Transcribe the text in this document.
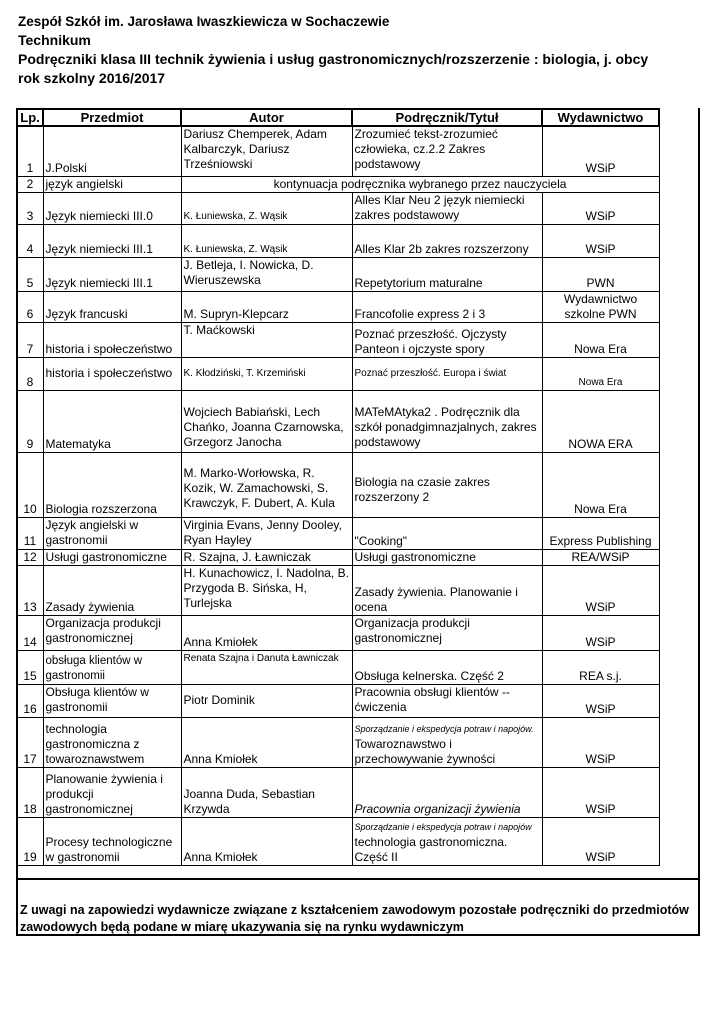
Zespół Szkół im. Jarosława Iwaszkiewicza w Sochaczewie
Technikum
Podręczniki klasa III technik żywienia i usług gastronomicznych/rozszerzenie : biologia, j. obcy
rok szkolny 2016/2017
Lp.	Przedmiot	Autor	Podręcznik/Tytuł	Wydawnictwo
1	J.Polski	Dariusz Chemperek, Adam Kalbarczyk, Dariusz Trześniowski	Zrozumieć tekst-zrozumieć człowieka, cz.2.2 Zakres podstawowy	WSiP
2	język angielski	kontynuacja podręcznika wybranego przez nauczyciela		
3	Język niemiecki III.0	K. Łuniewska, Z. Wąsik	Alles Klar Neu 2 język niemiecki zakres podstawowy	WSiP
4	Język niemiecki III.1	K. Łuniewska, Z. Wąsik	Alles Klar 2b zakres rozszerzony	WSiP
5	Język niemiecki III.1	J. Betleja, I. Nowicka, D. Wieruszewska	Repetytorium maturalne	PWN
6	Język francuski	M. Supryn-Klepcarz	Francofolie express 2 i 3	Wydawnictwo szkolne PWN
7	historia i społeczeństwo	T. Maćkowski	Poznać przeszłość. Ojczysty Panteon i ojczyste spory	Nowa Era
8	historia i społeczeństwo	K. Kłodziński, T. Krzemiński	Poznać przeszłość. Europa i świat	Nowa Era
9	Matematyka	Wojciech Babiański, Lech Chańko, Joanna Czarnowska, Grzegorz Janocha	MATeMAtyka2 . Podręcznik dla szkół ponadgimnazjalnych, zakres podstawowy	NOWA ERA
10	Biologia rozszerzona	M. Marko-Worłowska, R. Kozik, W. Zamachowski, S. Krawczyk, F. Dubert, A. Kula	Biologia na czasie zakres rozszerzony 2	Nowa Era
11	Język angielski w gastronomii	Virginia Evans, Jenny Dooley, Ryan Hayley	"Cooking"	Express Publishing
12	Usługi gastronomiczne	R. Szajna, J. Ławniczak	Usługi gastronomiczne	REA/WSiP
13	Zasady żywienia	H. Kunachowicz, I. Nadolna, B. Przygoda B. Sińska, H, Turlejska	Zasady żywienia. Planowanie i ocena	WSiP
14	Organizacja produkcji gastronomicznej	Anna Kmiołek	Organizacja produkcji gastronomicznej	WSiP
15	obsługa klientów w gastronomii	Renata Szajna i Danuta Ławniczak	Obsługa kelnerska. Część 2	REA s.j.
16	Obsługa klientów w gastronomii	Piotr Dominik	Pracownia obsługi klientów -- ćwiczenia	WSiP
17	technologia gastronomiczna z towaroznawstwem	Anna Kmiołek	Sporządzanie i ekspedycja potraw i napojów. Towaroznawstwo i przechowywanie żywności	WSiP
18	Planowanie żywienia i produkcji gastronomicznej	Joanna Duda, Sebastian Krzywda	Pracownia organizacji żywienia	WSiP
19	Procesy technologiczne w gastronomii	Anna Kmiołek	Sporządzanie i ekspedycja potraw i napojów technologia gastronomiczna. Część II	WSiP
Z uwagi na zapowiedzi wydawnicze związane z kształceniem zawodowym pozostałe podręczniki do przedmiotów zawodowych będą podane w miarę ukazywania się na rynku wydawniczym
